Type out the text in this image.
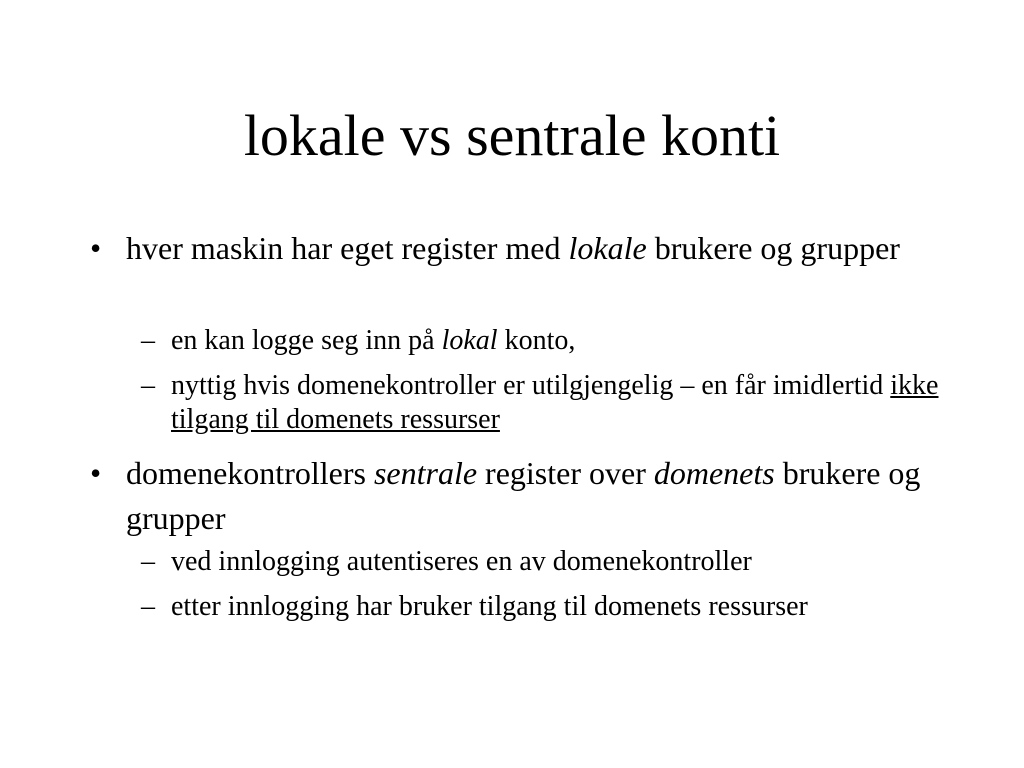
lokale vs sentrale konti
• hver maskin har eget register med lokale brukere og grupper
– en kan logge seg inn på lokal konto,
– nyttig hvis domenekontroller er utilgjengelig – en får imidlertid ikke tilgang til domenets ressurser
• domenekontrollers sentrale register over domenets brukere og grupper
– ved innlogging autentiseres en av domenekontroller
– etter innlogging har bruker tilgang til domenets ressurser
